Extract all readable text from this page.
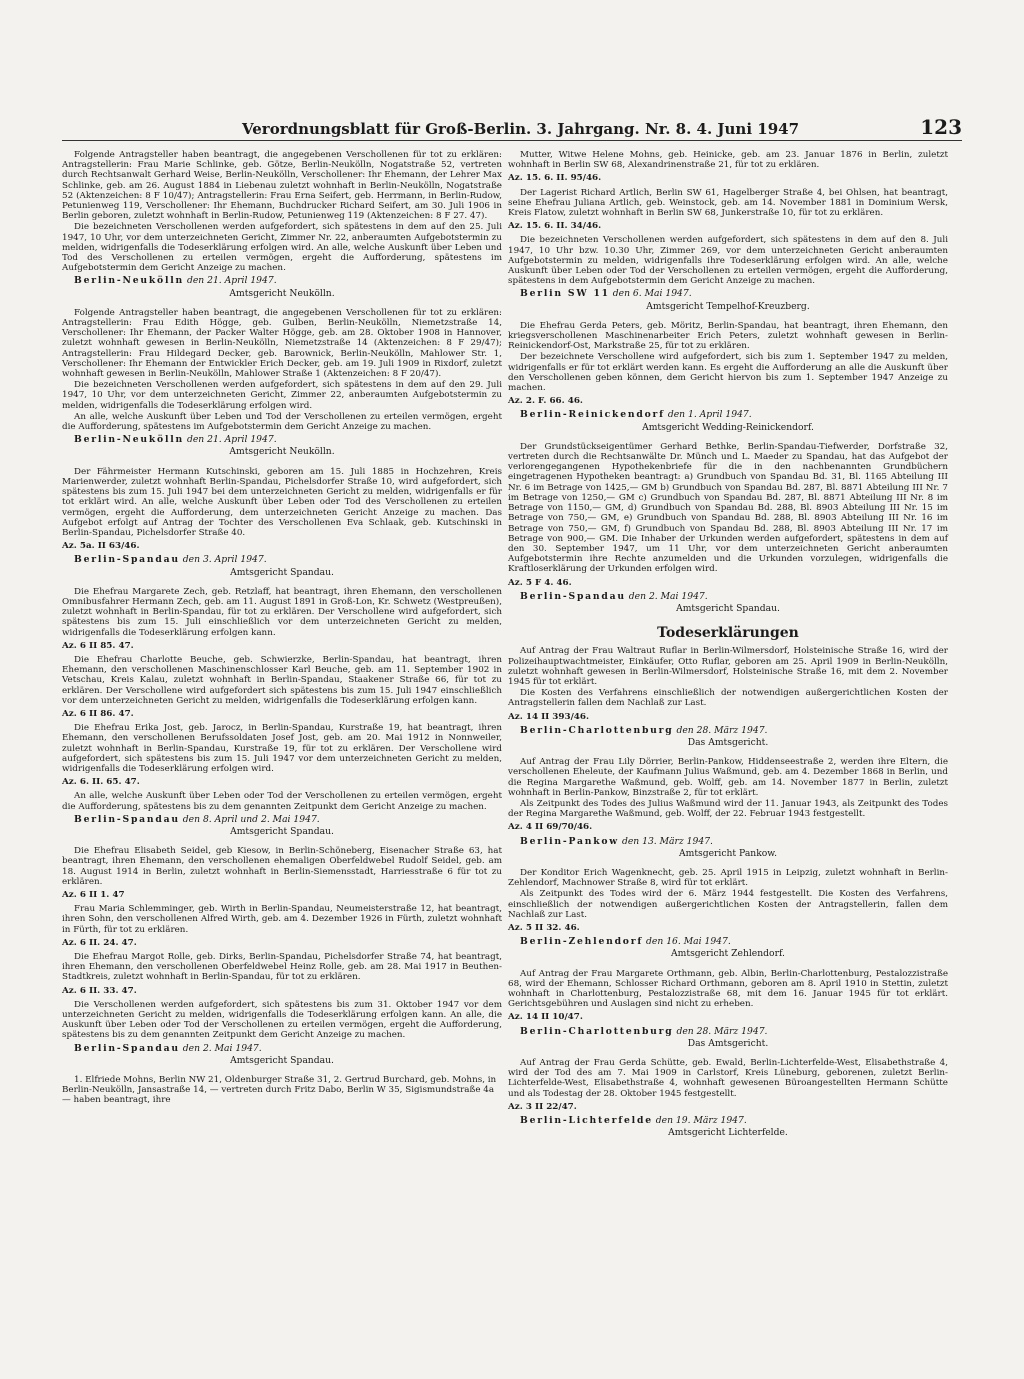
Verordnungsblatt für Groß-Berlin. 3. Jahrgang. Nr. 8. 4. Juni 1947	123

Folgende Antragsteller haben beantragt, die angegebenen Verschollenen für tot zu erklären: Antragstellerin: Frau Marie Schlinke, geb. Götze, Berlin-Neukölln, Nogatstraße 52, vertreten durch Rechtsanwalt Gerhard Weise, Berlin-Neukölln, Verschollener: Ihr Ehemann, der Lehrer Max Schlinke, geb. am 26. August 1884 in Liebenau zuletzt wohnhaft in Berlin-Neukölln, Nogatstraße 52 (Aktenzeichen: 8 F 10/47); Antragstellerin: Frau Erna Seifert, geb. Herrmann, in Berlin-Rudow, Petunienweg 119, Verschollener: Ihr Ehemann, Buchdrucker Richard Seifert, am 30. Juli 1906 in Berlin geboren, zuletzt wohnhaft in Berlin-Rudow, Petunienweg 119 (Aktenzeichen: 8 F 27. 47).

Die bezeichneten Verschollenen werden aufgefordert, sich spätestens in dem auf den 25. Juli 1947, 10 Uhr, vor dem unterzeichneten Gericht, Zimmer Nr. 22, anberaumten Aufgebotstermin zu melden, widrigenfalls die Todeserklärung erfolgen wird. An alle, welche Auskunft über Leben und Tod des Verschollenen zu erteilen vermögen, ergeht die Aufforderung, spätestens im Aufgebotstermin dem Gericht Anzeige zu machen.

Berlin-Neukölln den 21. April 1947.

Amtsgericht Neukölln.

Folgende Antragsteller haben beantragt, die angegebenen Verschollenen für tot zu erklären: Antragstellerin: Frau Edith Högge, geb. Gulben, Berlin-Neukölln, Niemetzstraße 14, Verschollener: Ihr Ehemann, der Packer Walter Högge, geb. am 28. Oktober 1908 in Hannover, zuletzt wohnhaft gewesen in Berlin-Neukölln, Niemetzstraße 14 (Aktenzeichen: 8 F 29/47); Antragstellerin: Frau Hildegard Decker, geb. Barownick, Berlin-Neukölln, Mahlower Str. 1, Verschollener: Ihr Ehemann der Entwickler Erich Decker, geb. am 19. Juli 1909 in Rixdorf, zuletzt wohnhaft gewesen in Berlin-Neukölln, Mahlower Straße 1 (Aktenzeichen: 8 F 20/47).

Die bezeichneten Verschollenen werden aufgefordert, sich spätestens in dem auf den 29. Juli 1947, 10 Uhr, vor dem unterzeichneten Gericht, Zimmer 22, anberaumten Aufgebotstermin zu melden, widrigenfalls die Todeserklärung erfolgen wird.

An alle, welche Auskunft über Leben und Tod der Verschollenen zu erteilen vermögen, ergeht die Aufforderung, spätestens im Aufgebotstermin dem Gericht Anzeige zu machen.

Berlin-Neukölln den 21. April 1947.

Amtsgericht Neukölln.

Der Fährmeister Hermann Kutschinski, geboren am 15. Juli 1885 in Hochzehren, Kreis Marienwerder, zuletzt wohnhaft Berlin-Spandau, Pichelsdorfer Straße 10, wird aufgefordert, sich spätestens bis zum 15. Juli 1947 bei dem unterzeichneten Gericht zu melden, widrigenfalls er für tot erklärt wird. An alle, welche Auskunft über Leben oder Tod des Verschollenen zu erteilen vermögen, ergeht die Aufforderung, dem unterzeichneten Gericht Anzeige zu machen. Das Aufgebot erfolgt auf Antrag der Tochter des Verschollenen Eva Schlaak, geb. Kutschinski in Berlin-Spandau, Pichelsdorfer Straße 40.

Az. 5a. II 63/46.

Berlin-Spandau den 3. April 1947.

Amtsgericht Spandau.

Die Ehefrau Margarete Zech, geb. Retzlaff, hat beantragt, ihren Ehemann, den verschollenen Omnibusfahrer Hermann Zech, geb. am 11. August 1891 in Groß-Lon, Kr. Schwetz (Westpreußen), zuletzt wohnhaft in Berlin-Spandau, für tot zu erklären. Der Verschollene wird aufgefordert, sich spätestens bis zum 15. Juli einschließlich vor dem unterzeichneten Gericht zu melden, widrigenfalls die Todeserklärung erfolgen kann.

Az. 6 II 85. 47.

Die Ehefrau Charlotte Beuche, geb. Schwierzke, Berlin-Spandau, hat beantragt, ihren Ehemann, den verschollenen Maschinenschlosser Karl Beuche, geb. am 11. September 1902 in Vetschau, Kreis Kalau, zuletzt wohnhaft in Berlin-Spandau, Staakener Straße 66, für tot zu erklären. Der Verschollene wird aufgefordert sich spätestens bis zum 15. Juli 1947 einschließlich vor dem unterzeichneten Gericht zu melden, widrigenfalls die Todeserklärung erfolgen kann.

Az. 6 II 86. 47.

Die Ehefrau Erika Jost, geb. Jarocz, in Berlin-Spandau, Kurstraße 19, hat beantragt, ihren Ehemann, den verschollenen Berufssoldaten Josef Jost, geb. am 20. Mai 1912 in Nonnweiler, zuletzt wohnhaft in Berlin-Spandau, Kurstraße 19, für tot zu erklären. Der Verschollene wird aufgefordert, sich spätestens bis zum 15. Juli 1947 vor dem unterzeichneten Gericht zu melden, widrigenfalls die Todeserklärung erfolgen wird.

Az. 6. II. 65. 47.

An alle, welche Auskunft über Leben oder Tod der Verschollenen zu erteilen vermögen, ergeht die Aufforderung, spätestens bis zu dem genannten Zeitpunkt dem Gericht Anzeige zu machen.

Berlin-Spandau den 8. April und 2. Mai 1947.

Amtsgericht Spandau.

Die Ehefrau Elisabeth Seidel, geb Kiesow, in Berlin-Schöneberg, Eisenacher Straße 63, hat beantragt, ihren Ehemann, den verschollenen ehemaligen Oberfeldwebel Rudolf Seidel, geb. am 18. August 1914 in Berlin, zuletzt wohnhaft in Berlin-Siemensstadt, Harriesstraße 6 für tot zu erklären.

Az. 6 II 1. 47

Frau Maria Schlemminger, geb. Wirth in Berlin-Spandau, Neumeisterstraße 12, hat beantragt, ihren Sohn, den verschollenen Alfred Wirth, geb. am 4. Dezember 1926 in Fürth, zuletzt wohnhaft in Fürth, für tot zu erklären.

Az. 6 II. 24. 47.

Die Ehefrau Margot Rolle, geb. Dirks, Berlin-Spandau, Pichelsdorfer Straße 74, hat beantragt, ihren Ehemann, den verschollenen Oberfeldwebel Heinz Rolle, geb. am 28. Mai 1917 in Beuthen-Stadtkreis, zuletzt wohnhaft in Berlin-Spandau, für tot zu erklären.

Az. 6 II. 33. 47.

Die Verschollenen werden aufgefordert, sich spätestens bis zum 31. Oktober 1947 vor dem unterzeichneten Gericht zu melden, widrigenfalls die Todeserklärung erfolgen kann. An alle, die Auskunft über Leben oder Tod der Verschollenen zu erteilen vermögen, ergeht die Aufforderung, spätestens bis zu dem genannten Zeitpunkt dem Gericht Anzeige zu machen.

Berlin-Spandau den 2. Mai 1947.

Amtsgericht Spandau.

1. Elfriede Mohns, Berlin NW 21, Oldenburger Straße 31, 2. Gertrud Burchard, geb. Mohns, in Berlin-Neukölln, Jansastraße 14, — vertreten durch Fritz Dabo, Berlin W 35, Sigismundstraße 4a — haben beantragt, ihre

Mutter, Witwe Helene Mohns, geb. Heinicke, geb. am 23. Januar 1876 in Berlin, zuletzt wohnhaft in Berlin SW 68, Alexandrinenstraße 21, für tot zu erklären.

Az. 15. 6. II. 95/46.

Der Lagerist Richard Artlich, Berlin SW 61, Hagelberger Straße 4, bei Ohlsen, hat beantragt, seine Ehefrau Juliana Artlich, geb. Weinstock, geb. am 14. November 1881 in Dominium Wersk, Kreis Flatow, zuletzt wohnhaft in Berlin SW 68, Junkerstraße 10, für tot zu erklären.

Az. 15. 6. II. 34/46.

Die bezeichneten Verschollenen werden aufgefordert, sich spätestens in dem auf den 8. Juli 1947, 10 Uhr bzw. 10.30 Uhr, Zimmer 269, vor dem unterzeichneten Gericht anberaumten Aufgebotstermin zu melden, widrigenfalls ihre Todeserklärung erfolgen wird. An alle, welche Auskunft über Leben oder Tod der Verschollenen zu erteilen vermögen, ergeht die Aufforderung, spätestens in dem Aufgebotstermin dem Gericht Anzeige zu machen.

Berlin SW 11 den 6. Mai 1947.

Amtsgericht Tempelhof-Kreuzberg.

Die Ehefrau Gerda Peters, geb. Möritz, Berlin-Spandau, hat beantragt, ihren Ehemann, den kriegsverschollenen Maschinenarbeiter Erich Peters, zuletzt wohnhaft gewesen in Berlin-Reinickendorf-Ost, Markstraße 25, für tot zu erklären.

Der bezeichnete Verschollene wird aufgefordert, sich bis zum 1. September 1947 zu melden, widrigenfalls er für tot erklärt werden kann. Es ergeht die Aufforderung an alle die Auskunft über den Verschollenen geben können, dem Gericht hiervon bis zum 1. September 1947 Anzeige zu machen.

Az. 2. F. 66. 46.

Berlin-Reinickendorf den 1. April 1947.

Amtsgericht Wedding-Reinickendorf.

Der Grundstückseigentümer Gerhard Bethke, Berlin-Spandau-Tiefwerder, Dorfstraße 32, vertreten durch die Rechtsanwälte Dr. Münch und L. Maeder zu Spandau, hat das Aufgebot der verlorengegangenen Hypothekenbriefe für die in den nachbenannten Grundbüchern eingetragenen Hypotheken beantragt: a) Grundbuch von Spandau Bd. 31, Bl. 1165 Abteilung III Nr. 6 im Betrage von 1425,— GM b) Grundbuch von Spandau Bd. 287, Bl. 8871 Abteilung III Nr. 7 im Betrage von 1250,— GM c) Grundbuch von Spandau Bd. 287, Bl. 8871 Abteilung III Nr. 8 im Betrage von 1150,— GM, d) Grundbuch von Spandau Bd. 288, Bl. 8903 Abteilung III Nr. 15 im Betrage von 750,— GM, e) Grundbuch von Spandau Bd. 288, Bl. 8903 Abteilung III Nr. 16 im Betrage von 750,— GM, f) Grundbuch von Spandau Bd. 288, Bl. 8903 Abteilung III Nr. 17 im Betrage von 900,— GM. Die Inhaber der Urkunden werden aufgefordert, spätestens in dem auf den 30. September 1947, um 11 Uhr, vor dem unterzeichneten Gericht anberaumten Aufgebotstermin ihre Rechte anzumelden und die Urkunden vorzulegen, widrigenfalls die Kraftloserklärung der Urkunden erfolgen wird.

Az. 5 F 4. 46.

Berlin-Spandau den 2. Mai 1947.

Amtsgericht Spandau.

Todeserklärungen

Auf Antrag der Frau Waltraut Ruflar in Berlin-Wilmersdorf, Holsteinische Straße 16, wird der Polizeihauptwachtmeister, Einkäufer, Otto Ruflar, geboren am 25. April 1909 in Berlin-Neukölln, zuletzt wohnhaft gewesen in Berlin-Wilmersdorf, Holsteinische Straße 16, mit dem 2. November 1945 für tot erklärt.

Die Kosten des Verfahrens einschließlich der notwendigen außergerichtlichen Kosten der Antragstellerin fallen dem Nachlaß zur Last.

Az. 14 II 393/46.

Berlin-Charlottenburg den 28. März 1947.

Das Amtsgericht.

Auf Antrag der Frau Lily Dörrier, Berlin-Pankow, Hiddenseestraße 2, werden ihre Eltern, die verschollenen Eheleute, der Kaufmann Julius Waßmund, geb. am 4. Dezember 1868 in Berlin, und die Regina Margarethe Waßmund, geb. Wolff, geb. am 14. November 1877 in Berlin, zuletzt wohnhaft in Berlin-Pankow, Binzstraße 2, für tot erklärt.

Als Zeitpunkt des Todes des Julius Waßmund wird der 11. Januar 1943, als Zeitpunkt des Todes der Regina Margarethe Waßmund, geb. Wolff, der 22. Februar 1943 festgestellt.

Az. 4 II 69/70/46.

Berlin-Pankow den 13. März 1947.

Amtsgericht Pankow.

Der Konditor Erich Wagenknecht, geb. 25. April 1915 in Leipzig, zuletzt wohnhaft in Berlin-Zehlendorf, Machnower Straße 8, wird für tot erklärt.

Als Zeitpunkt des Todes wird der 6. März 1944 festgestellt. Die Kosten des Verfahrens, einschließlich der notwendigen außergerichtlichen Kosten der Antragstellerin, fallen dem Nachlaß zur Last.

Az. 5 II 32. 46.

Berlin-Zehlendorf den 16. Mai 1947.

Amtsgericht Zehlendorf.

Auf Antrag der Frau Margarete Orthmann, geb. Albin, Berlin-Charlottenburg, Pestalozzistraße 68, wird der Ehemann, Schlosser Richard Orthmann, geboren am 8. April 1910 in Stettin, zuletzt wohnhaft in Charlottenburg, Pestalozzistraße 68, mit dem 16. Januar 1945 für tot erklärt. Gerichtsgebühren und Auslagen sind nicht zu erheben.

Az. 14 II 10/47.

Berlin-Charlottenburg den 28. März 1947.

Das Amtsgericht.

Auf Antrag der Frau Gerda Schütte, geb. Ewald, Berlin-Lichterfelde-West, Elisabethstraße 4, wird der Tod des am 7. Mai 1909 in Carlstorf, Kreis Lüneburg, geborenen, zuletzt Berlin-Lichterfelde-West, Elisabethstraße 4, wohnhaft gewesenen Büroangestellten Hermann Schütte und als Todestag der 28. Oktober 1945 festgestellt.

Az. 3 II 22/47.

Berlin-Lichterfelde den 19. März 1947.

Amtsgericht Lichterfelde.
